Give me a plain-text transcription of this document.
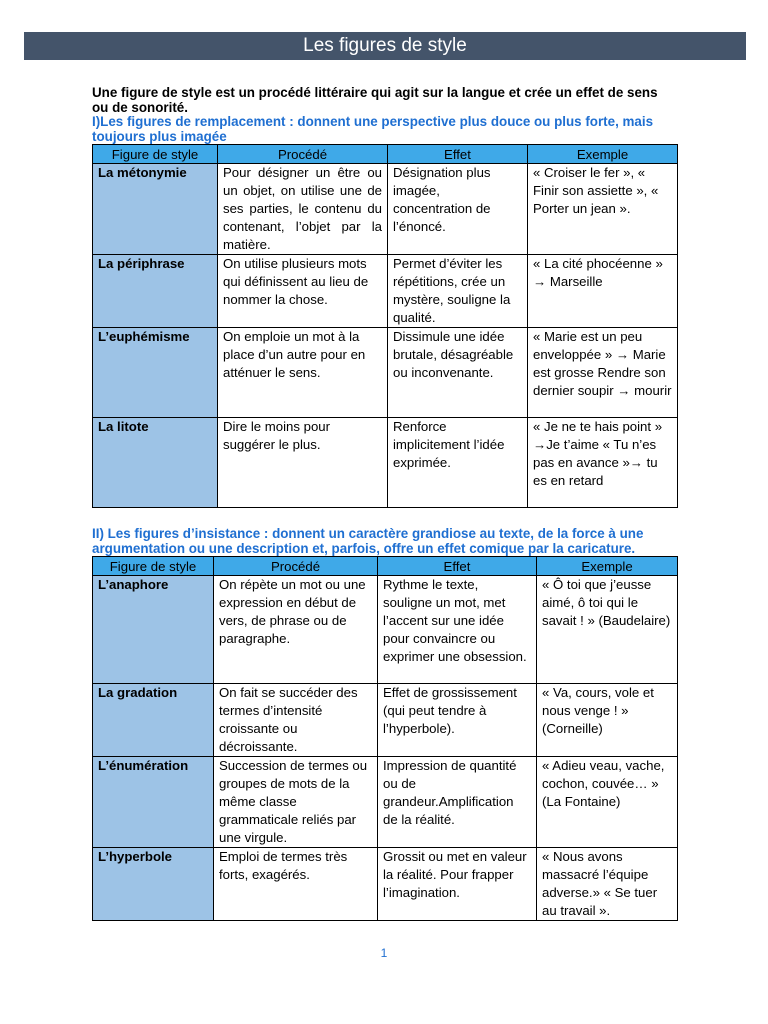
Les figures de style

Une figure de style est un procédé littéraire qui agit sur la langue et crée un effet de sens ou de sonorité.

I)Les figures de remplacement : donnent une perspective plus douce ou plus forte, mais toujours plus imagée

Figure de style	Procédé	Effet	Exemple
La métonymie	Pour désigner un être ou un objet, on utilise une de ses parties, le contenu du contenant, l’objet par la matière.	Désignation plus imagée, concentration de l’énoncé.	« Croiser le fer », « Finir son assiette », « Porter un jean ».
La périphrase	On utilise plusieurs mots qui définissent au lieu de nommer la chose.	Permet d’éviter les répétitions, crée un mystère, souligne la qualité.	« La cité phocéenne » → Marseille
L’euphémisme	On emploie un mot à la place d’un autre pour en atténuer le sens.	Dissimule une idée brutale, désagréable ou inconvenante.	« Marie est un peu enveloppée » → Marie est grosse Rendre son dernier soupir → mourir
La litote	Dire le moins pour suggérer le plus.	Renforce implicitement l’idée exprimée.	« Je ne te hais point » →Je t’aime « Tu n’es pas en avance »→ tu es en retard

II) Les figures d’insistance : donnent un caractère grandiose au texte, de la force à une argumentation ou une description et, parfois, offre un effet comique par la caricature.

Figure de style	Procédé	Effet	Exemple
L’anaphore	On répète un mot ou une expression en début de vers, de phrase ou de paragraphe.	Rythme le texte, souligne un mot, met l’accent sur une idée pour convaincre ou exprimer une obsession.	« Ô toi que j’eusse aimé, ô toi qui le savait ! » (Baudelaire)
La gradation	On fait se succéder des termes d’intensité croissante ou décroissante.	Effet de grossissement (qui peut tendre à l’hyperbole).	« Va, cours, vole et nous venge ! » (Corneille)
L’énumération	Succession de termes ou groupes de mots de la même classe grammaticale reliés par une virgule.	Impression de quantité ou de grandeur.Amplification de la réalité.	« Adieu veau, vache, cochon, couvée… » (La Fontaine)
L’hyperbole	Emploi de termes très forts, exagérés.	Grossit ou met en valeur la réalité. Pour frapper l’imagination.	« Nous avons massacré l’équipe adverse.» « Se tuer au travail ».
1
